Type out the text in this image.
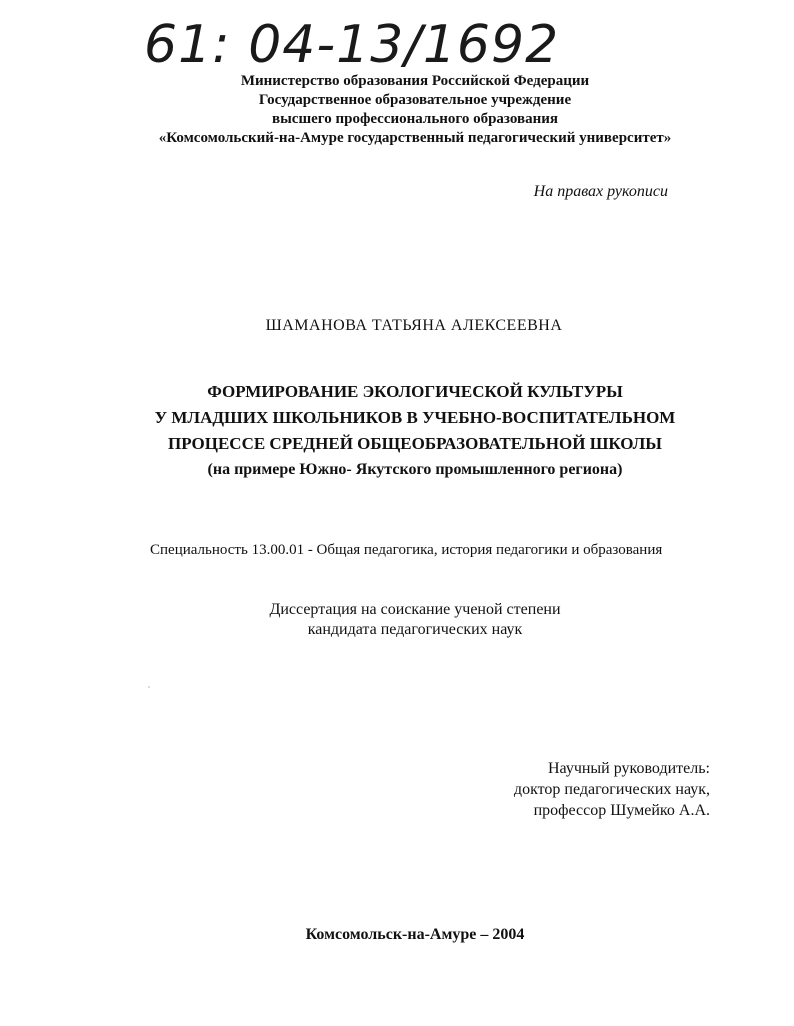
61: 04-13/1692
Министерство образования Российской Федерации
Государственное образовательное учреждение
высшего профессионального образования
«Комсомольский-на-Амуре государственный педагогический университет»
На правах рукописи
ШАМАНОВА ТАТЬЯНА АЛЕКСЕЕВНА
ФОРМИРОВАНИЕ ЭКОЛОГИЧЕСКОЙ КУЛЬТУРЫ
У МЛАДШИХ ШКОЛЬНИКОВ В УЧЕБНО-ВОСПИТАТЕЛЬНОМ
ПРОЦЕССЕ СРЕДНЕЙ ОБЩЕОБРАЗОВАТЕЛЬНОЙ ШКОЛЫ
(на примере Южно- Якутского промышленного региона)
Специальность 13.00.01 - Общая педагогика, история педагогики и образования
Диссертация на соискание ученой степени
кандидата педагогических наук
Научный руководитель:
доктор педагогических наук,
профессор Шумейко А.А.
Комсомольск-на-Амуре – 2004
